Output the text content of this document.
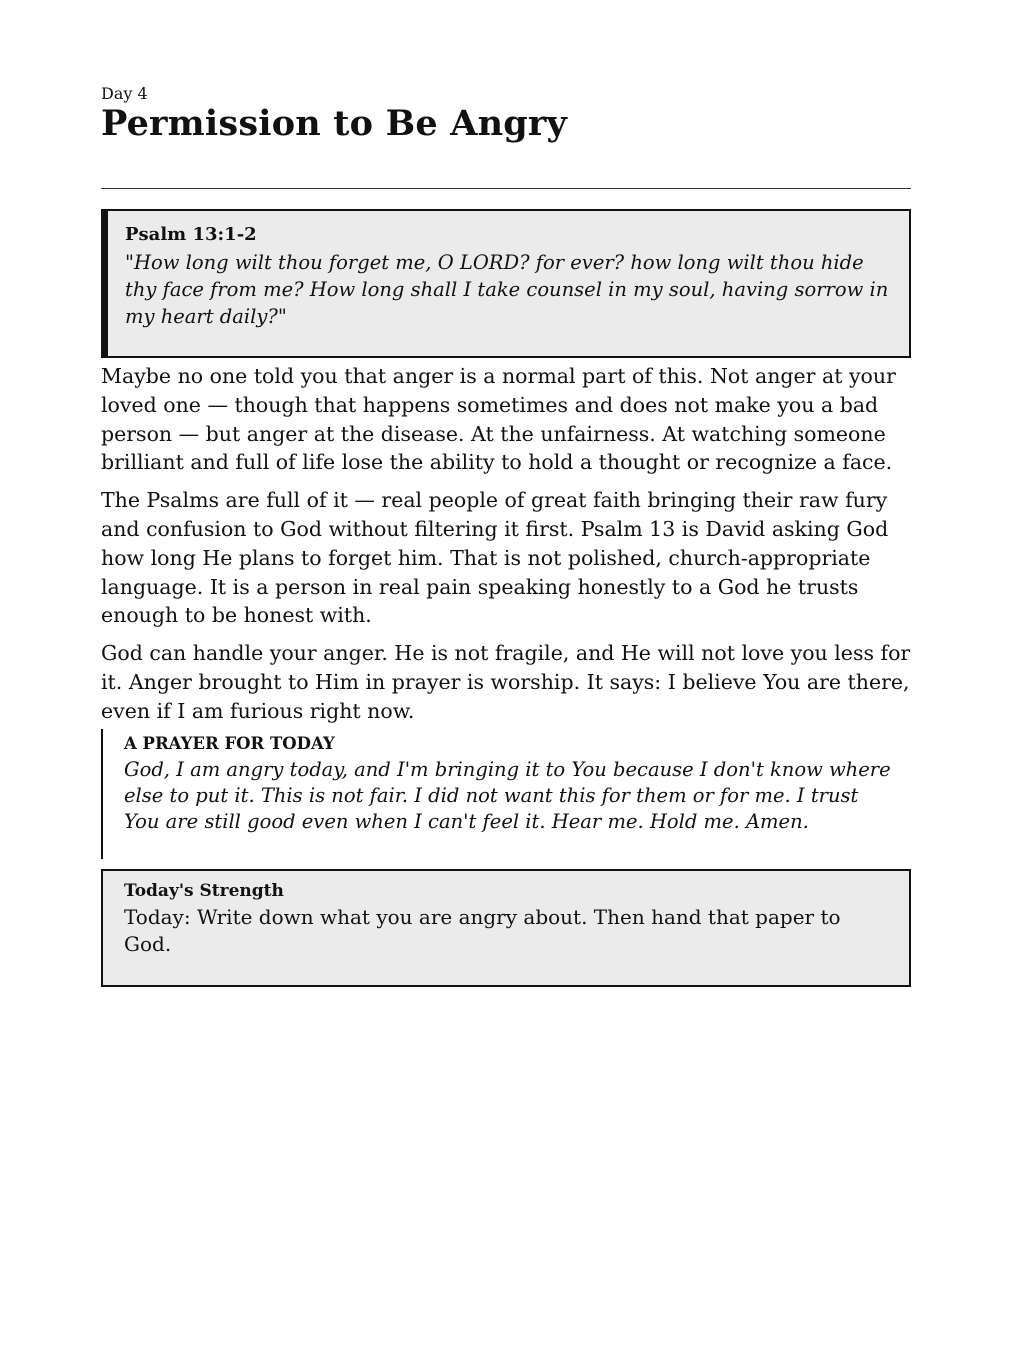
Day 4

Permission to Be Angry
Psalm 13:1-2
"How long wilt thou forget me, O LORD? for ever? how long wilt thou hide thy face from me? How long shall I take counsel in my soul, having sorrow in my heart daily?"

Maybe no one told you that anger is a normal part of this. Not anger at your loved one — though that happens sometimes and does not make you a bad person — but anger at the disease. At the unfairness. At watching someone brilliant and full of life lose the ability to hold a thought or recognize a face.

The Psalms are full of it — real people of great faith bringing their raw fury and confusion to God without filtering it first. Psalm 13 is David asking God how long He plans to forget him. That is not polished, church-appropriate language. It is a person in real pain speaking honestly to a God he trusts enough to be honest with.

God can handle your anger. He is not fragile, and He will not love you less for it. Anger brought to Him in prayer is worship. It says: I believe You are there, even if I am furious right now.

A PRAYER FOR TODAY
God, I am angry today, and I'm bringing it to You because I don't know where else to put it. This is not fair. I did not want this for them or for me. I trust You are still good even when I can't feel it. Hear me. Hold me. Amen.
Today's Strength
Today: Write down what you are angry about. Then hand that paper to God.
